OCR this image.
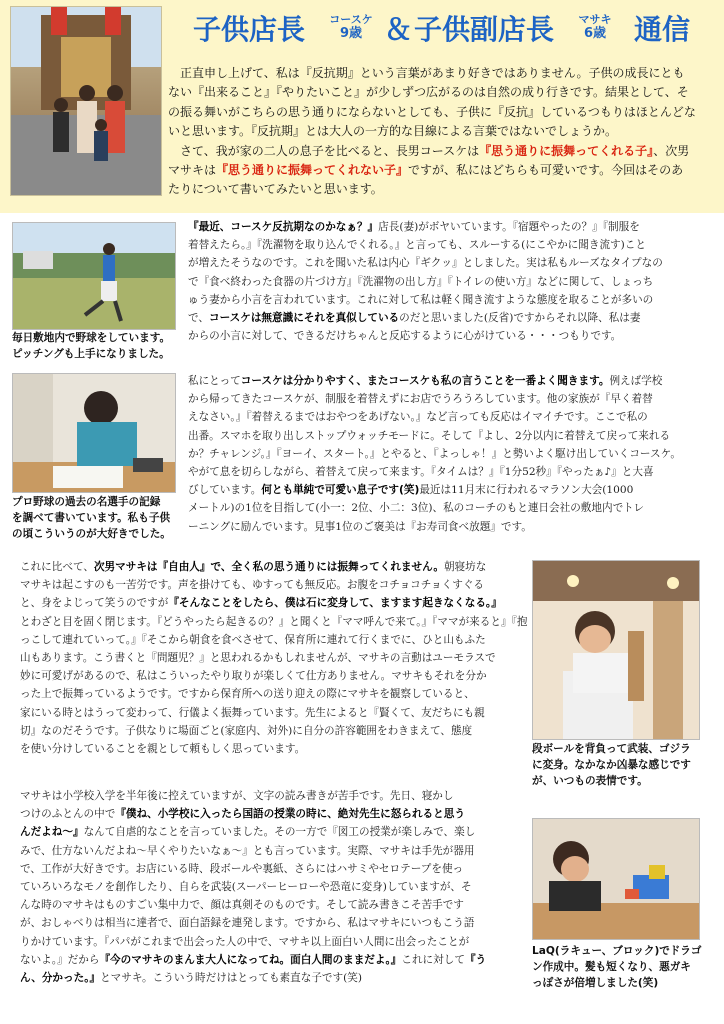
子供店長	コースケ
9歳 ＆ 子供副店長	マサキ
6歳 通信
　正直申し上げて、私は『反抗期』という言葉があまり好きではありません。子供の成長にとも
ない『出来ること』『やりたいこと』が少しずつ広がるのは自然の成り行きです。結果として、そ
の振る舞いがこちらの思う通りにならないとしても、子供に『反抗』しているつもりはほとんどな
いと思います。『反抗期』とは大人の一方的な目線による言葉ではないでしょうか。
　さて、我が家の二人の息子を比べると、長男コースケは『思う通りに振舞ってくれる子』、次男
マサキは『思う通りに振舞ってくれない子』ですが、私にはどちらも可愛いです。今回はそのあ
たりについて書いてみたいと思います。
毎日敷地内で野球をしています。
ピッチングも上手になりました。
プロ野球の過去の名選手の記録
を調べて書いています。私も子供
の頃こういうのが大好きでした。
段ボールを背負って武装、ゴジラ
に変身。なかなか凶暴な感じです
が、いつもの表情です。
LaQ(ラキュー、ブロック)でドラゴ
ン作成中。髪も短くなり、悪ガキ
っぽさが倍増しました(笑)
『最近、コースケ反抗期なのかなぁ？』店長(妻)がボヤいています。『宿題やったの？』『制服を
着替えたら。』『洗濯物を取り込んでくれる。』と言っても、スルーする(にこやかに聞き流す)こと
が増えたそうなのです。これを聞いた私は内心『ギクッ』としました。実は私もルーズなタイプなの
で『食べ終わった食器の片づけ方』『洗濯物の出し方』『トイレの使い方』などに関して、しょっち
ゅう妻から小言を言われています。これに対して私は軽く聞き流すような態度を取ることが多いの
で、コースケは無意識にそれを真似しているのだと思いました(反省)ですからそれ以降、私は妻
からの小言に対して、できるだけちゃんと反応するように心がけている・・・つもりです。
私にとってコースケは分かりやすく、またコースケも私の言うことを一番よく聞きます。例えば学校
から帰ってきたコースケが、制服を着替えずにお店でうろうろしています。他の家族が『早く着替
えなさい。』『着替えるまではおやつをあげない。』など言っても反応はイマイチです。ここで私の
出番。スマホを取り出しストップウォッチモードに。そして『よし、2分以内に着替えて戻って来れる
か？チャレンジ。』『ヨーイ、スタート。』とやると、『よっしゃ！』と勢いよく駆け出していくコースケ。
やがて息を切らしながら、着替えて戻って来ます。『タイムは？』『1分52秒』『やったぁ♪』と大喜
びしています。何とも単純で可愛い息子です(笑)最近は11月末に行われるマラソン大会(1000
メートル)の1位を目指して(小一：2位、小二：3位)、私のコーチのもと連日会社の敷地内でトレ
ーニングに励んでいます。見事1位のご褒美は『お寿司食べ放題』です。
これに比べて、次男マサキは『自由人』で、全く私の思う通りには振舞ってくれません。朝寝坊な
マサキは起こすのも一苦労です。声を掛けても、ゆすっても無反応。お腹をコチョコチョくすぐる
と、身をよじって笑うのですが『そんなことをしたら、僕は石に変身して、ますます起きなくなる。』
とわざと目を固く閉じます。『どうやったら起きるの？』と聞くと『ママ呼んで来て。』『ママが来ると』『抱
っこして連れていって。』『そこから朝食を食べさせて、保育所に連れて行くまでに、ひと山もふた
山もあります。こう書くと『問題児？』と思われるかもしれませんが、マサキの言動はユーモラスで
妙に可愛げがあるので、私はこういったやり取りが楽しくて仕方ありません。マサキもそれを分か
った上で振舞っているようです。ですから保育所への送り迎えの際にマサキを観察していると、
家にいる時とはうって変わって、行儀よく振舞っています。先生によると『賢くて、友だちにも親
切』なのだそうです。子供なりに場面ごと(家庭内、対外)に自分の許容範囲をわきまえて、態度
を使い分けしていることを親として頼もしく思っています。
マサキは小学校入学を半年後に控えていますが、文字の読み書きが苦手です。先日、寝かし
つけのふとんの中で『僕ね、小学校に入ったら国語の授業の時に、絶対先生に怒られると思う
んだよね～』なんて自虐的なことを言っていました。その一方で『図工の授業が楽しみで、楽し
みで、仕方ないんだよね～早くやりたいなぁ～』とも言っています。実際、マサキは手先が器用
で、工作が大好きです。お店にいる時、段ボールや裏紙、さらにはハサミやセロテープを使っ
ていろいろなモノを創作したり、自らを武装(スーパーヒーローや恐竜に変身)していますが、そ
んな時のマサキはものすごい集中力で、顔は真剣そのものです。そして読み書きこそ苦手です
が、おしゃべりは相当に達者で、面白語録を連発します。ですから、私はマサキにいつもこう語
りかけています。『パパがこれまで出会った人の中で、マサキ以上面白い人間に出会ったことが
ないよ。』だから『今のマサキのまんま大人になってね。面白人間のままだよ。』これに対して『う
ん、分かった。』とマサキ。こういう時だけはとっても素直な子です(笑)
